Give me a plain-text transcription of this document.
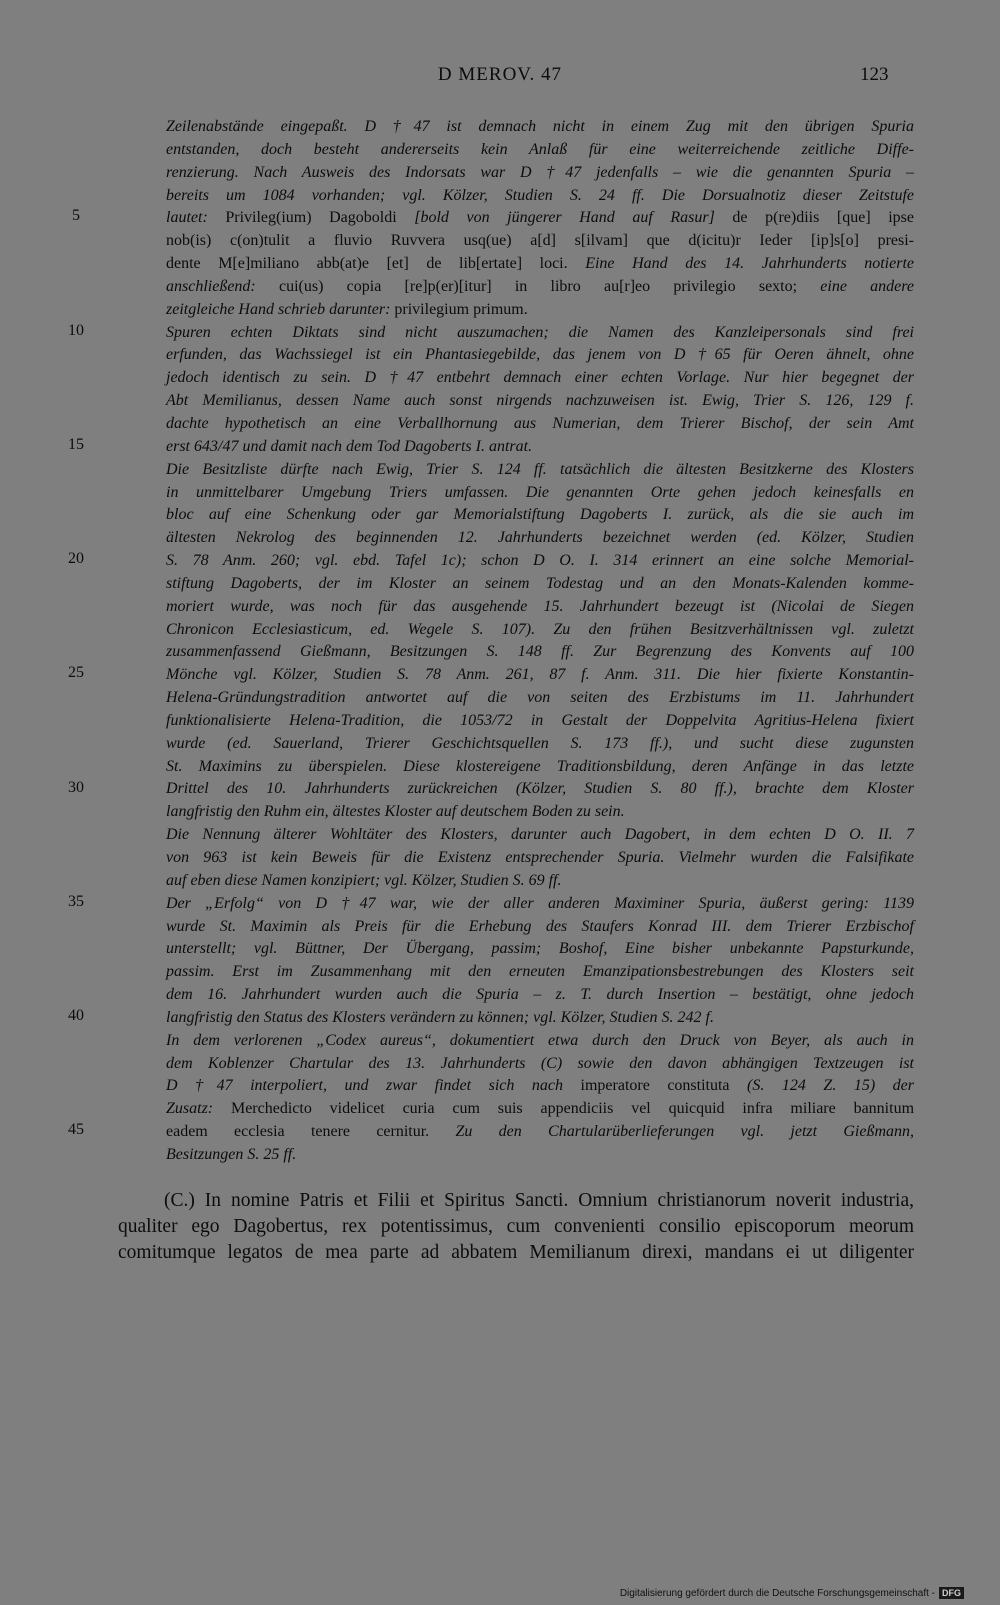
D MEROV. 47	123
5
10
15
20
25
30
35
40
45
Zeilenabstände eingepaßt. D †47 ist demnach nicht in einem Zug mit den übrigen Spuria
entstanden, doch besteht andererseits kein Anlaß für eine weiterreichende zeitliche Diffe-
renzierung. Nach Ausweis des Indorsats war D †47 jedenfalls – wie die genannten Spuria –
bereits um 1084 vorhanden; vgl. Kölzer, Studien S. 24 ff. Die Dorsualnotiz dieser Zeitstufe
lautet: Privileg(ium) Dagoboldi [bold von jüngerer Hand auf Rasur] de p(re)diis [que] ipse
nob(is) c(on)tulit a fluvio Ruvvera usq(ue) a[d] s[ilvam] que d(icitu)r Ieder [ip]s[o] presi-
dente M[e]miliano abb(at)e [et] de lib[ertate] loci. Eine Hand des 14. Jahrhunderts notierte
anschließend: cui(us) copia [re]p(er)[itur] in libro au[r]eo privilegio sexto; eine andere
zeitgleiche Hand schrieb darunter: privilegium primum.
Spuren echten Diktats sind nicht auszumachen; die Namen des Kanzleipersonals sind frei
erfunden, das Wachssiegel ist ein Phantasiegebilde, das jenem von D †65 für Oeren ähnelt, ohne
jedoch identisch zu sein. D †47 entbehrt demnach einer echten Vorlage. Nur hier begegnet der
Abt Memilianus, dessen Name auch sonst nirgends nachzuweisen ist. Ewig, Trier S. 126, 129 f.
dachte hypothetisch an eine Verballhornung aus Numerian, dem Trierer Bischof, der sein Amt
erst 643/47 und damit nach dem Tod Dagoberts I. antrat.
Die Besitzliste dürfte nach Ewig, Trier S. 124 ff. tatsächlich die ältesten Besitzkerne des Klosters
in unmittelbarer Umgebung Triers umfassen. Die genannten Orte gehen jedoch keinesfalls en
bloc auf eine Schenkung oder gar Memorialstiftung Dagoberts I. zurück, als die sie auch im
ältesten Nekrolog des beginnenden 12. Jahrhunderts bezeichnet werden (ed. Kölzer, Studien
S. 78 Anm. 260; vgl. ebd. Tafel 1c); schon D O. I. 314 erinnert an eine solche Memorial-
stiftung Dagoberts, der im Kloster an seinem Todestag und an den Monats-Kalenden komme-
moriert wurde, was noch für das ausgehende 15. Jahrhundert bezeugt ist (Nicolai de Siegen
Chronicon Ecclesiasticum, ed. Wegele S. 107). Zu den frühen Besitzverhältnissen vgl. zuletzt
zusammenfassend Gießmann, Besitzungen S. 148 ff. Zur Begrenzung des Konvents auf 100
Mönche vgl. Kölzer, Studien S. 78 Anm. 261, 87 f. Anm. 311. Die hier fixierte Konstantin-
Helena-Gründungstradition antwortet auf die von seiten des Erzbistums im 11. Jahrhundert
funktionalisierte Helena-Tradition, die 1053/72 in Gestalt der Doppelvita Agritius-Helena fixiert
wurde (ed. Sauerland, Trierer Geschichtsquellen S. 173 ff.), und sucht diese zugunsten
St. Maximins zu überspielen. Diese klostereigene Traditionsbildung, deren Anfänge in das letzte
Drittel des 10. Jahrhunderts zurückreichen (Kölzer, Studien S. 80 ff.), brachte dem Kloster
langfristig den Ruhm ein, ältestes Kloster auf deutschem Boden zu sein.
Die Nennung älterer Wohltäter des Klosters, darunter auch Dagobert, in dem echten D O. II. 7
von 963 ist kein Beweis für die Existenz entsprechender Spuria. Vielmehr wurden die Falsifikate
auf eben diese Namen konzipiert; vgl. Kölzer, Studien S. 69 ff.
Der „Erfolg“ von D †47 war, wie der aller anderen Maximiner Spuria, äußerst gering: 1139
wurde St. Maximin als Preis für die Erhebung des Staufers Konrad III. dem Trierer Erzbischof
unterstellt; vgl. Büttner, Der Übergang, passim; Boshof, Eine bisher unbekannte Papsturkunde,
passim. Erst im Zusammenhang mit den erneuten Emanzipationsbestrebungen des Klosters seit
dem 16. Jahrhundert wurden auch die Spuria – z. T. durch Insertion – bestätigt, ohne jedoch
langfristig den Status des Klosters verändern zu können; vgl. Kölzer, Studien S. 242 f.
In dem verlorenen „Codex aureus“, dokumentiert etwa durch den Druck von Beyer, als auch in
dem Koblenzer Chartular des 13. Jahrhunderts (C) sowie den davon abhängigen Textzeugen ist
D †47 interpoliert, und zwar findet sich nach imperatore constituta (S. 124 Z. 15) der
Zusatz: Merchedicto videlicet curia cum suis appendiciis vel quicquid infra miliare bannitum
eadem ecclesia tenere cernitur. Zu den Chartularüberlieferungen vgl. jetzt Gießmann,
Besitzungen S. 25 ff.
(C.) In nomine Patris et Filii et Spiritus Sancti. Omnium christianorum noverit industria,
qualiter ego Dagobertus, rex potentissimus, cum convenienti consilio episcoporum meorum
comitumque legatos de mea parte ad abbatem Memilianum direxi, mandans ei ut diligenter
Digitalisierung gefördert durch die Deutsche Forschungsgemeinschaft - DFG
